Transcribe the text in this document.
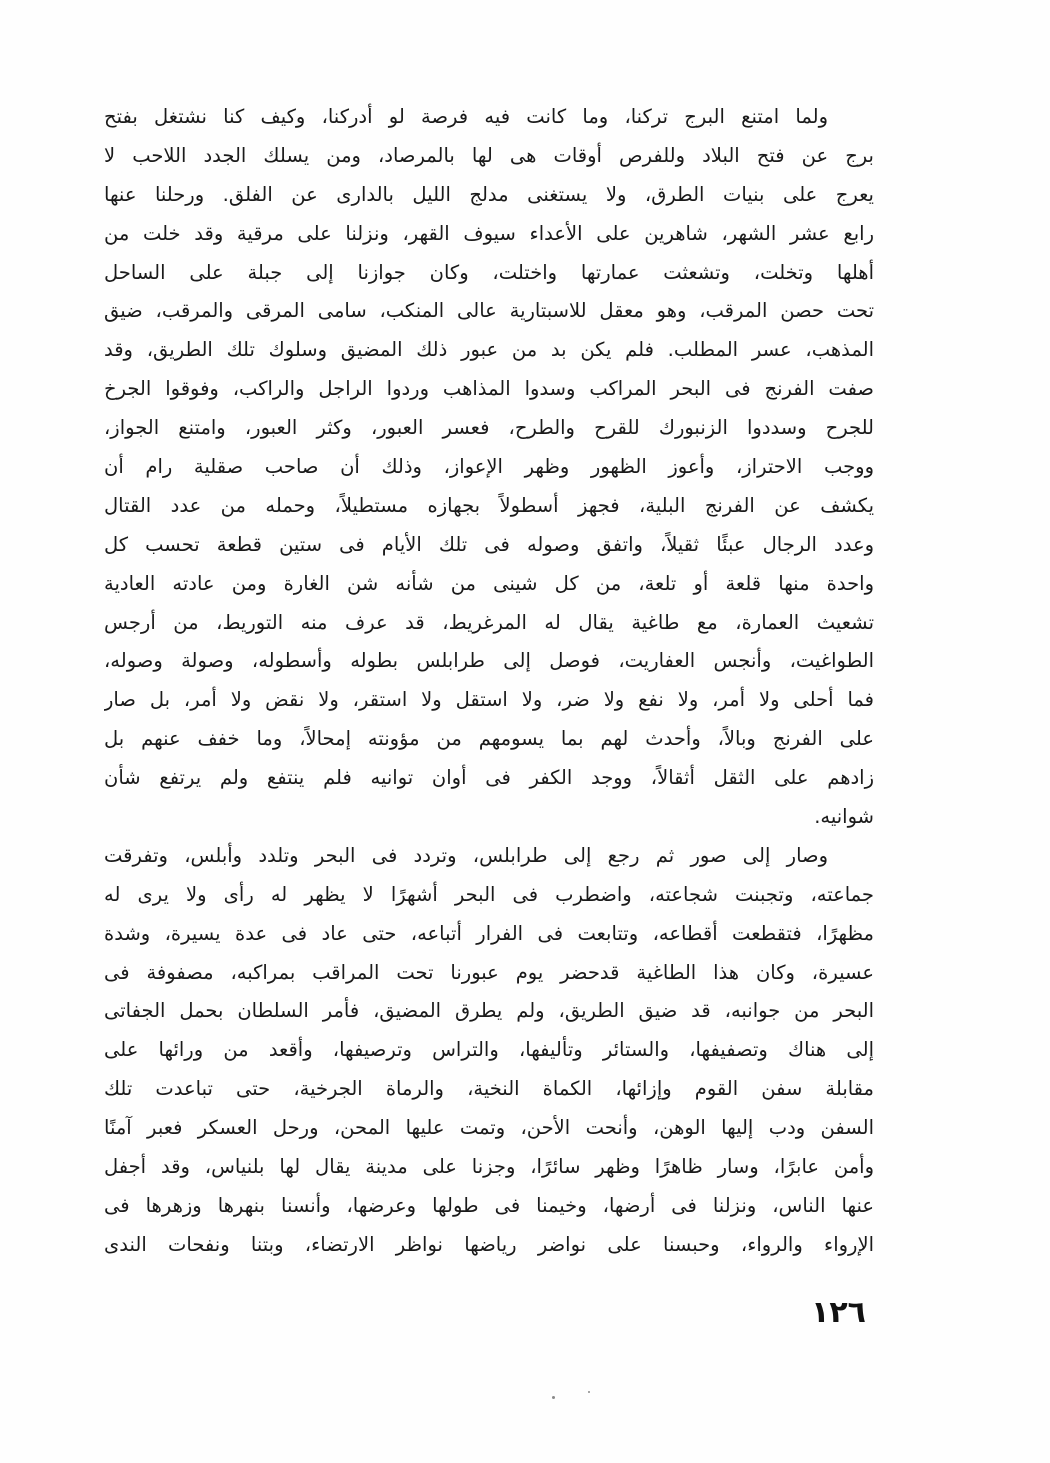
ولما امتنع البرج تركنا، وما كانت فيه فرصة لو أدركنا، وكيف كنا نشتغل بفتح
برج عن فتح البلاد وللفرص أوقات هى لها بالمرصاد، ومن يسلك الجدد اللاحب لا
يعرج على بنيات الطرق، ولا يستغنى مدلج الليل بالدارى عن الفلق. ورحلنا عنها
رابع عشر الشهر، شاهرين على الأعداء سيوف القهر، ونزلنا على مرقية وقد خلت من
أهلها وتخلت، وتشعثت عمارتها واختلت، وكان جوازنا إلى جبلة على الساحل
تحت حصن المرقب، وهو معقل للاسبتارية عالى المنكب، سامى المرقى والمرقب، ضيق
المذهب، عسر المطلب. فلم يكن بد من عبور ذلك المضيق وسلوك تلك الطريق، وقد
صفت الفرنج فى البحر المراكب وسدوا المذاهب وردوا الراجل والراكب، وفوقوا الجرخ
للجرح وسددوا الزنبورك للقرح والطرح، فعسر العبور، وكثر العبور، وامتنع الجواز،
ووجب الاحتراز، وأعوز الظهور وظهر الإعواز، وذلك أن صاحب صقلية رام أن
يكشف عن الفرنج البلية، فجهز أسطولاً بجهازه مستطيلاً، وحمله من عدد القتال
وعدد الرجال عبئًا ثقيلاً، واتفق وصوله فى تلك الأيام فى ستين قطعة تحسب كل
واحدة منها قلعة أو تلعة، من كل شينى من شأنه شن الغارة ومن عادته العادية
تشعيث العمارة، مع طاغية يقال له المرغريط، قد عرف منه التوريط، من أرجس
الطواغيت، وأنجس العفاريت، فوصل إلى طرابلس بطوله وأسطوله، وصولة وصوله،
فما أحلى ولا أمر، ولا نفع ولا ضر، ولا استقل ولا استقر، ولا نقض ولا أمر، بل صار
على الفرنج وبالاً، وأحدث لهم بما يسومهم من مؤونته إمحالاً، وما خفف عنهم بل
زادهم على الثقل أثقالاً، ووجد الكفر فى أوان توانيه فلم ينتفع ولم يرتفع شأن
شوانيه.
وصار إلى صور ثم رجع إلى طرابلس، وتردد فى البحر وتلدد وأبلس، وتفرقت
جماعته، وتجبنت شجاعته، واضطرب فى البحر أشهرًا لا يظهر له رأى ولا يرى له
مظهرًا، فتقطعت أقطاعه، وتتابعت فى الفرار أتباعه، حتى عاد فى عدة يسيرة، وشدة
عسيرة، وكان هذا الطاغية قدحضر يوم عبورنا تحت المراقب بمراكبه، مصفوفة فى
البحر من جوانبه، قد ضيق الطريق، ولم يطرق المضيق، فأمر السلطان بحمل الجفاتى
إلى هناك وتصفيفها، والستائر وتأليفها، والتراس وترصيفها، وأقعد من ورائها على
مقابلة سفن القوم وإزائها، الكماة النخية، والرماة الجرخية، حتى تباعدت تلك
السفن ودب إليها الوهن، وأنحت الأحن، وتمت عليها المحن، ورحل العسكر فعبر آمنًا
وأمن عابرًا، وسار ظاهرًا وظهر سائرًا، وجزنا على مدينة يقال لها بلنياس، وقد أجفل
عنها الناس، ونزلنا فى أرضها، وخيمنا فى طولها وعرضها، وأنسنا بنهرها وزهرها فى
الإرواء والرواء، وحبسنا على نواضر رياضها نواظر الارتضاء، وبتنا ونفحات الندى
١٢٦
